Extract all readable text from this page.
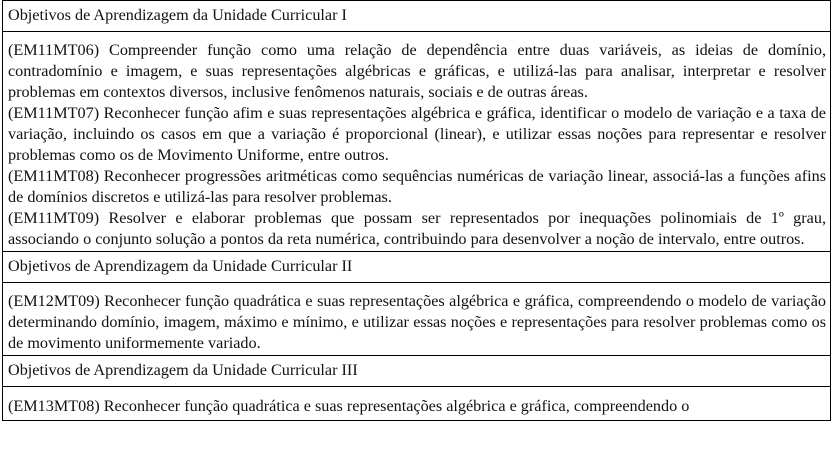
Objetivos de Aprendizagem da Unidade Curricular I

(EM11MT06) Compreender função como uma relação de dependência entre duas variáveis, as ideias de domínio, contradomínio e imagem, e suas representações algébricas e gráficas, e utilizá-las para analisar, interpretar e resolver problemas em contextos diversos, inclusive fenômenos naturais, sociais e de outras áreas.

(EM11MT07) Reconhecer função afim e suas representações algébrica e gráfica, identificar o modelo de variação e a taxa de variação, incluindo os casos em que a variação é proporcional (linear), e utilizar essas noções para representar e resolver problemas como os de Movimento Uniforme, entre outros.

(EM11MT08) Reconhecer progressões aritméticas como sequências numéricas de variação linear, associá-las a funções afins de domínios discretos e utilizá-las para resolver problemas.

(EM11MT09) Resolver e elaborar problemas que possam ser representados por inequações polinomiais de 1º grau, associando o conjunto solução a pontos da reta numérica, contribuindo para desenvolver a noção de intervalo, entre outros.

Objetivos de Aprendizagem da Unidade Curricular II

(EM12MT09) Reconhecer função quadrática e suas representações algébrica e gráfica, compreendendo o modelo de variação determinando domínio, imagem, máximo e mínimo, e utilizar essas noções e representações para resolver problemas como os de movimento uniformemente variado.

Objetivos de Aprendizagem da Unidade Curricular III

(EM13MT08) Reconhecer função quadrática e suas representações algébrica e gráfica, compreendendo o
